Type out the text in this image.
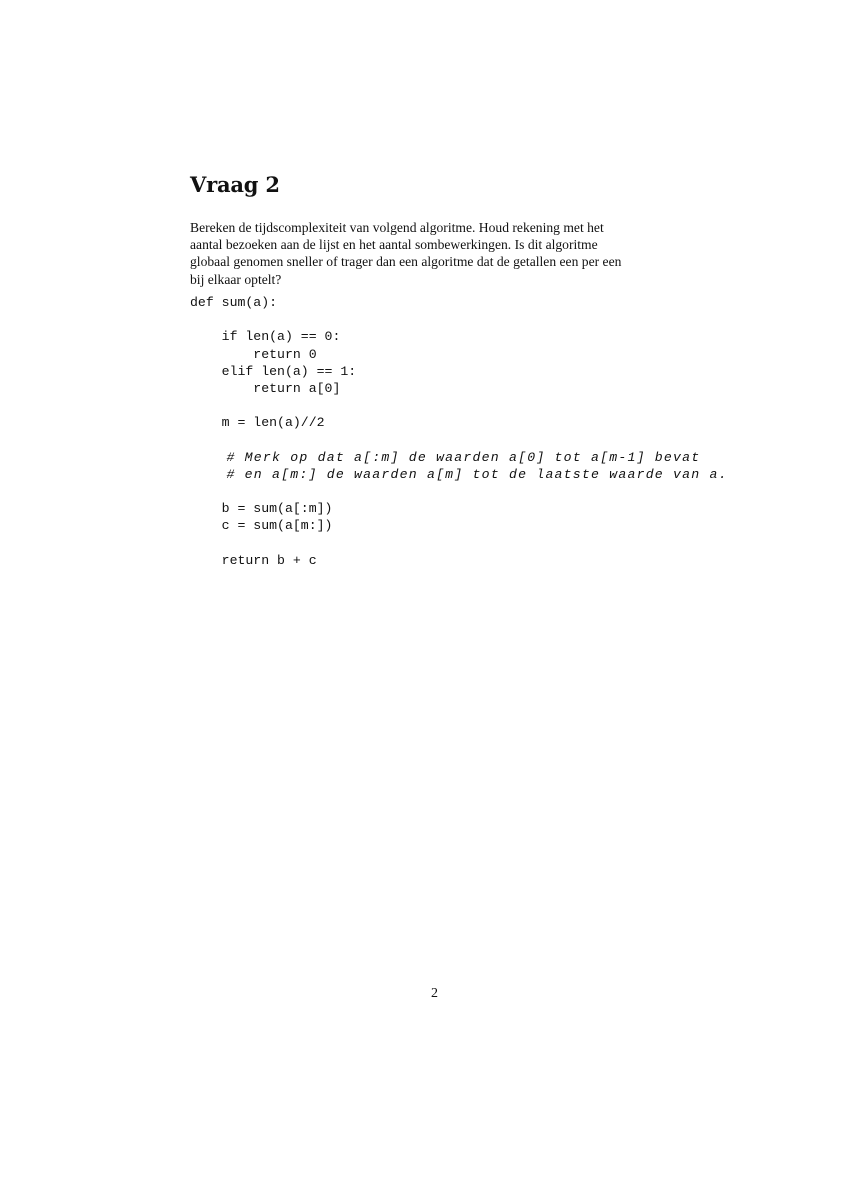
Vraag 2
Bereken de tijdscomplexiteit van volgend algoritme. Houd rekening met het
aantal bezoeken aan de lijst en het aantal sombewerkingen. Is dit algoritme
globaal genomen sneller of trager dan een algoritme dat de getallen een per een
bij elkaar optelt?
def sum(a):
if len(a) == 0:
return 0
elif len(a) == 1:
return a[0]
m = len(a)//2
# Merk op dat a[:m] de waarden a[0] tot a[m-1] bevat
# en a[m:] de waarden a[m] tot de laatste waarde van a.
b = sum(a[:m])
c = sum(a[m:])
return b + c
2
